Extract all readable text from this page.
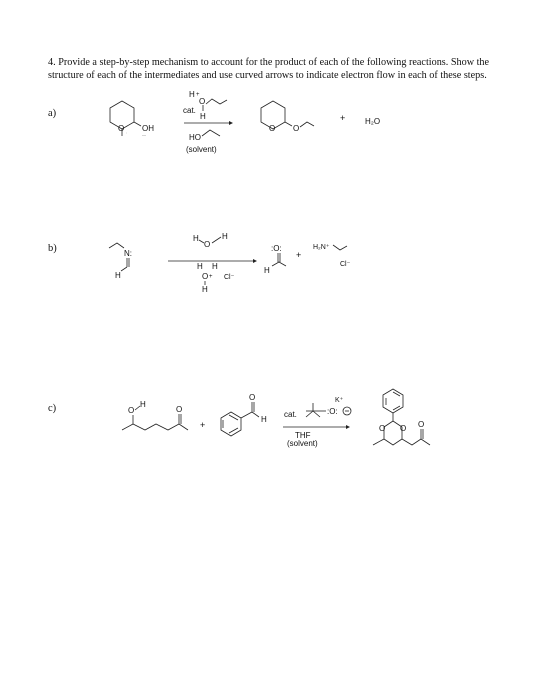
4. Provide a step-by-step mechanism to account for the product of each of the following reactions. Show the structure of each of the intermediates and use curved arrows to indicate electron flow in each of these steps.
a)
b)
c)
O : OH
··
H +
O
cat.
H
HO
(solvent)
O O
+ H₂O
N:
H
H
O
H
H H
O +
H
Cl⁻
:O:
H
+
H₂N⁺
Cl⁻
O
H
O
+
O
H
cat.	:O:
K⁺
THF
(solvent)
O O O
